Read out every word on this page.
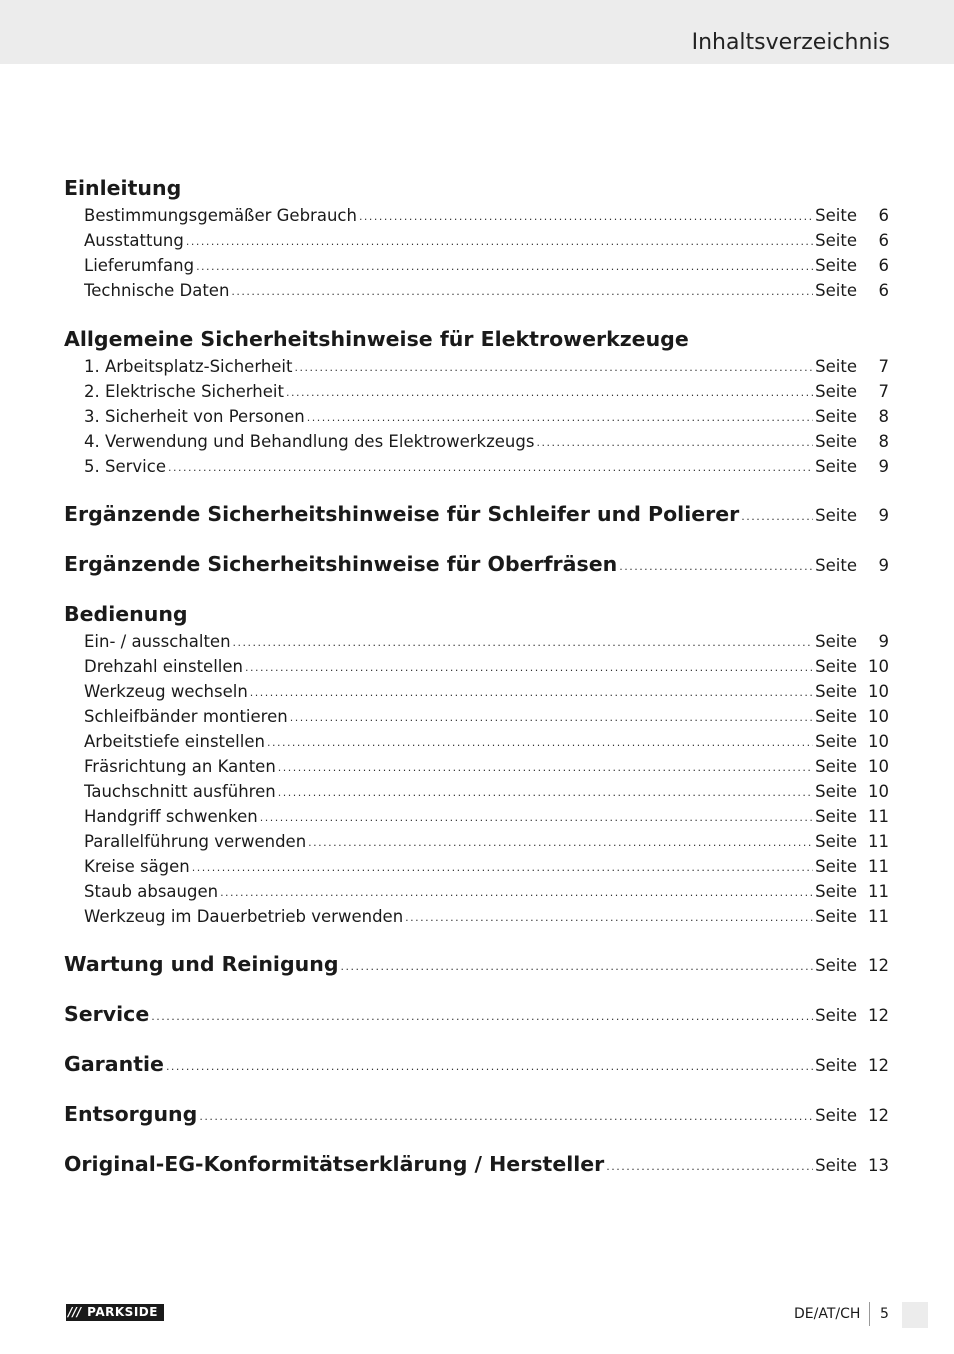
Inhaltsverzeichnis
Einleitung
Bestimmungsgemäßer Gebrauch .....	Seite	6
Ausstattung .....	Seite	6
Lieferumfang .....	Seite	6
Technische Daten .....	Seite	6
Allgemeine Sicherheitshinweise für Elektrowerkzeuge
1. Arbeitsplatz-Sicherheit .....	Seite	7
2. Elektrische Sicherheit .....	Seite	7
3. Sicherheit von Personen .....	Seite	8
4. Verwendung und Behandlung des Elektrowerkzeugs .....	Seite	8
5. Service .....	Seite	9
Ergänzende Sicherheitshinweise für Schleifer und Polierer .....	Seite	9
Ergänzende Sicherheitshinweise für Oberfräsen .....	Seite	9
Bedienung
Ein- / ausschalten .....	Seite	9
Drehzahl einstellen .....	Seite 10
Werkzeug wechseln .....	Seite 10
Schleifbänder montieren .....	Seite 10
Arbeitstiefe einstellen .....	Seite 10
Fräsrichtung an Kanten .....	Seite 10
Tauchschnitt ausführen .....	Seite 10
Handgriff schwenken .....	Seite 11
Parallelführung verwenden .....	Seite 11
Kreise sägen .....	Seite 11
Staub absaugen .....	Seite 11
Werkzeug im Dauerbetrieb verwenden .....	Seite 11
Wartung und Reinigung .....	Seite 12
Service .....	Seite 12
Garantie .....	Seite 12
Entsorgung .....	Seite 12
Original-EG-Konformitätserklärung / Hersteller .....	Seite 13
/// PARKSIDE	DE/AT/CH 5
